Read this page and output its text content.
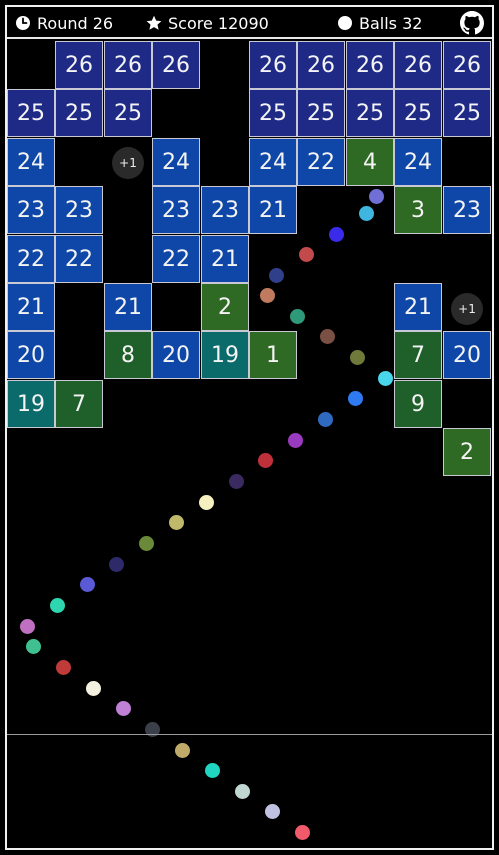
Round 26	Score 12090	Balls 32
26 26 26	26 26 26 26 26
25 25 25	25 25 25 25 25
24	24	24 22	4	24
23 23	23 23 21	3	23
22 22	22 21
21	21	2	21
20	8	20 19	1	7	20
19	7	9
2
+1
+1
